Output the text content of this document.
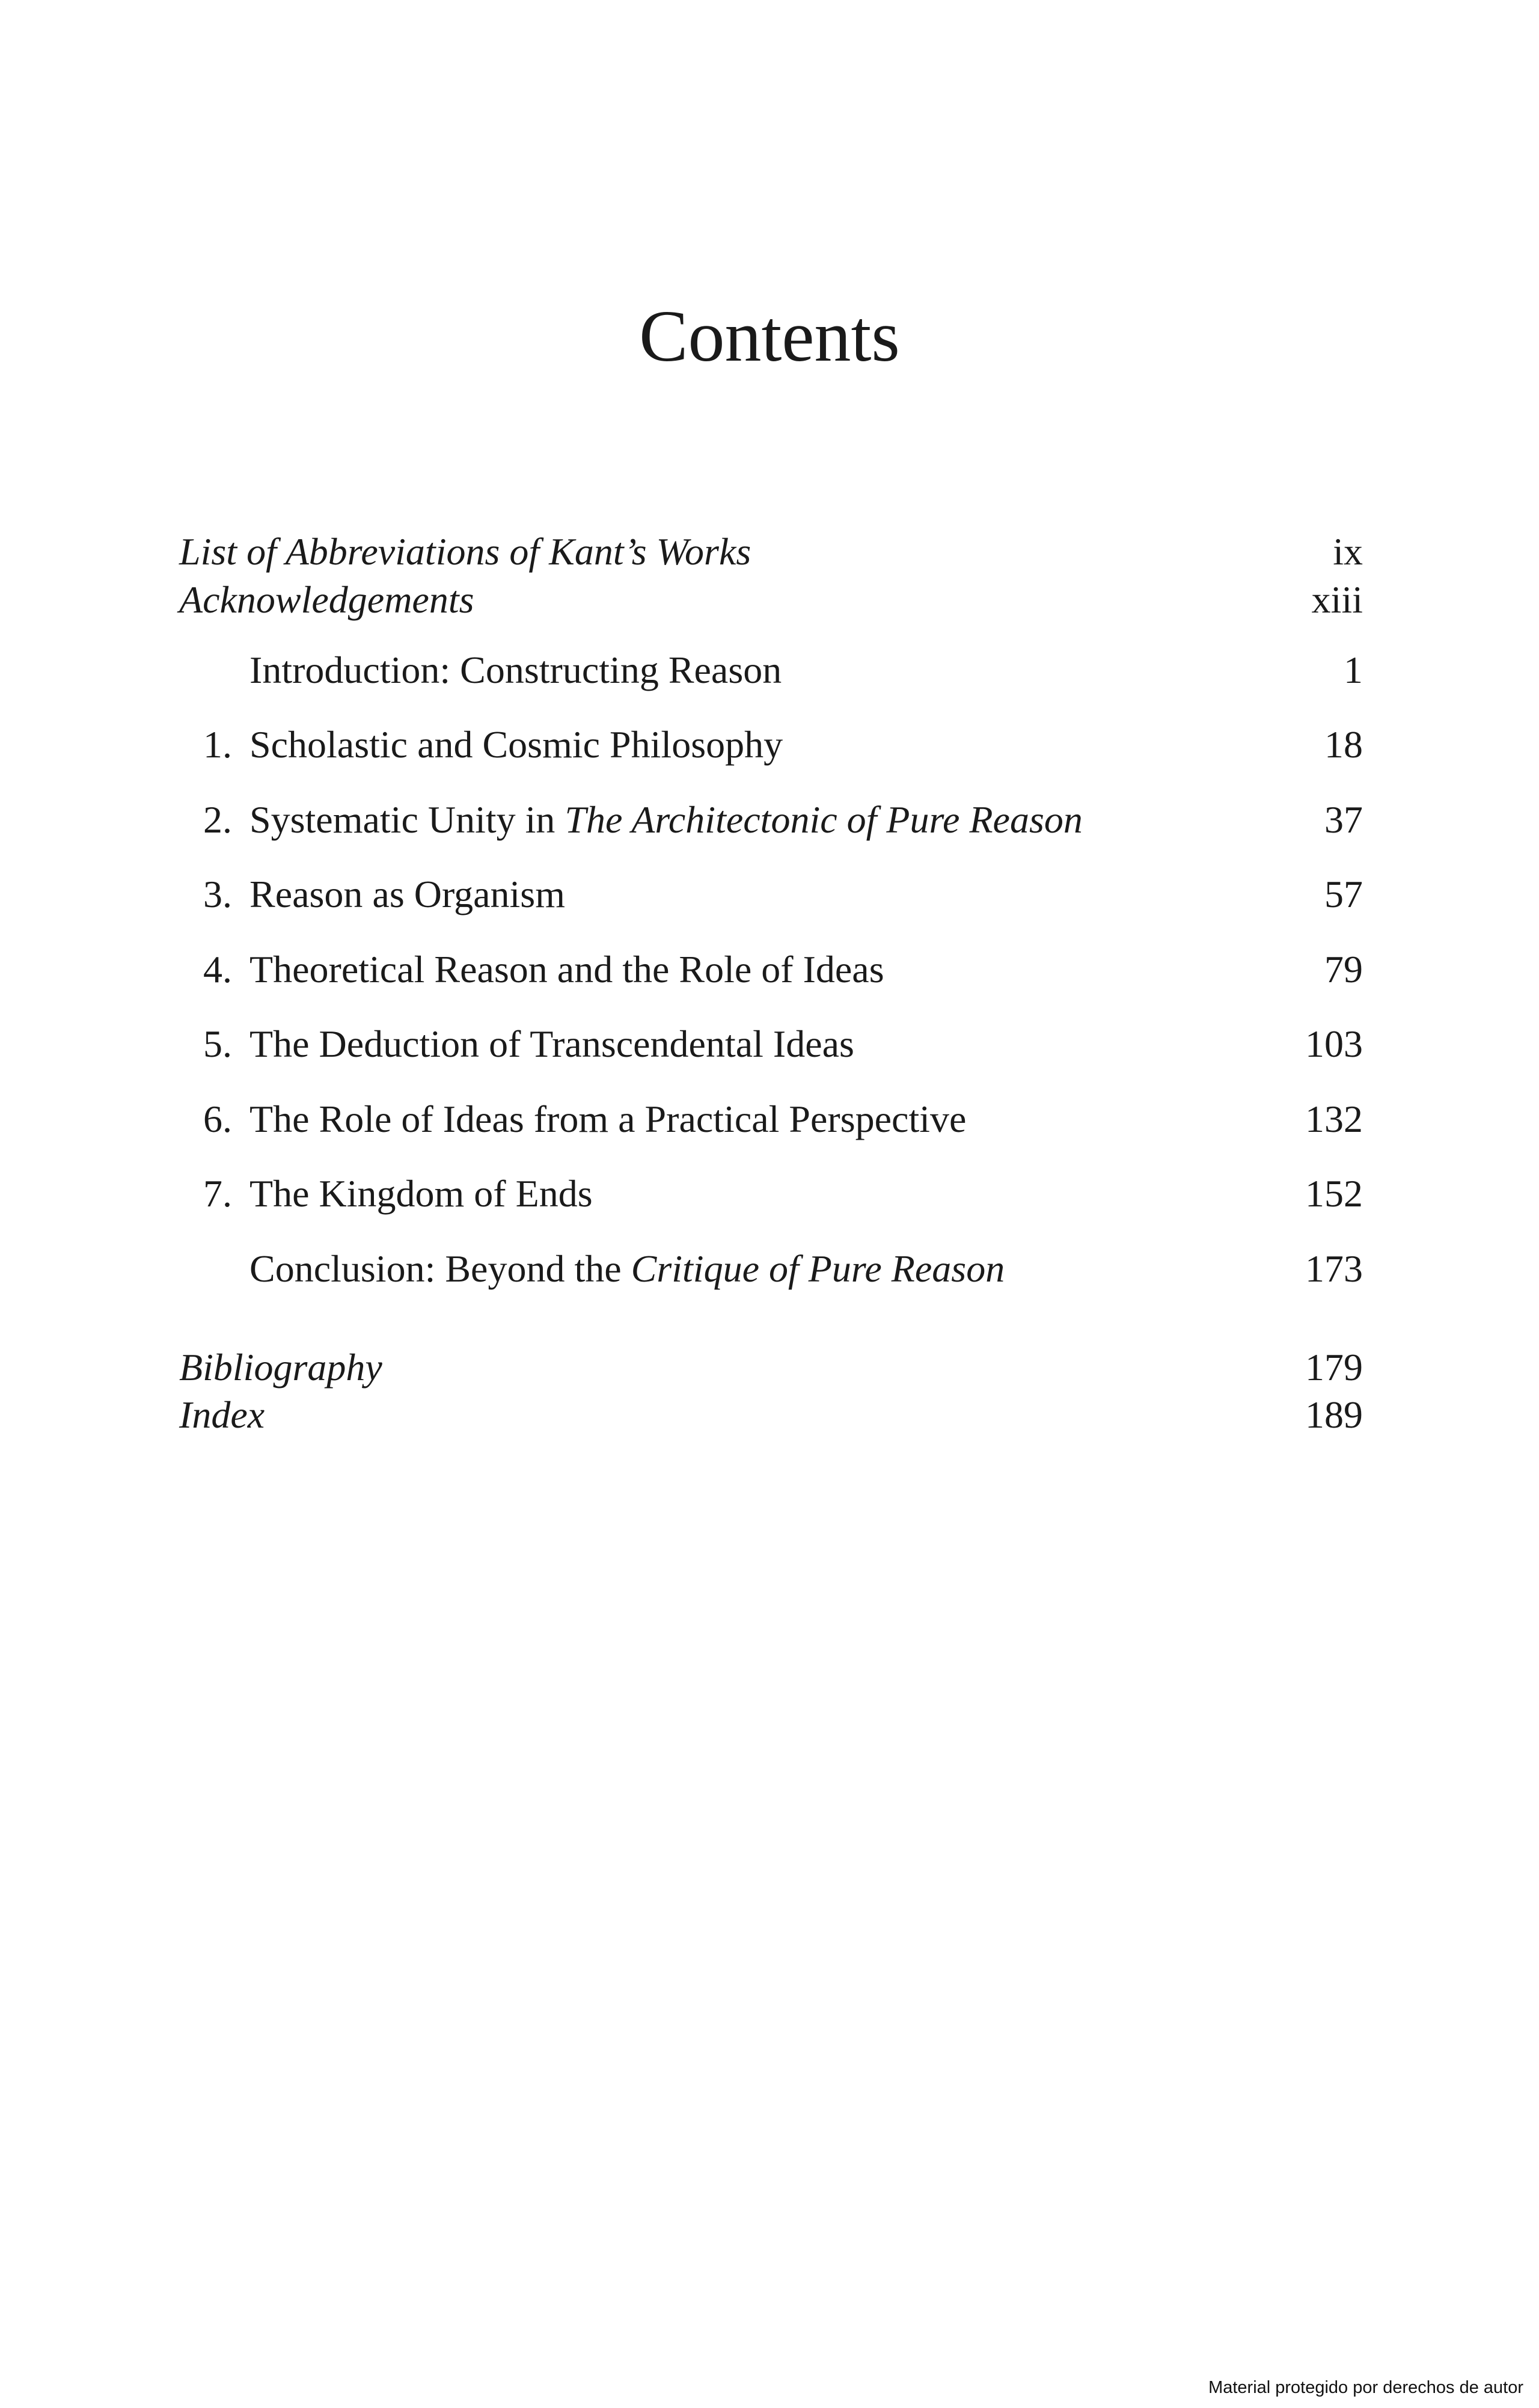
Contents
List of Abbreviations of Kant’s Works	ix
Acknowledgements	xiii
Introduction: Constructing Reason	1
1. Scholastic and Cosmic Philosophy	18
2. Systematic Unity in The Architectonic of Pure Reason	37
3. Reason as Organism	57
4. Theoretical Reason and the Role of Ideas	79
5. The Deduction of Transcendental Ideas	103
6. The Role of Ideas from a Practical Perspective	132
7. The Kingdom of Ends	152
Conclusion: Beyond the Critique of Pure Reason	173
Bibliography	179
Index	189
Material protegido por derechos de autor
